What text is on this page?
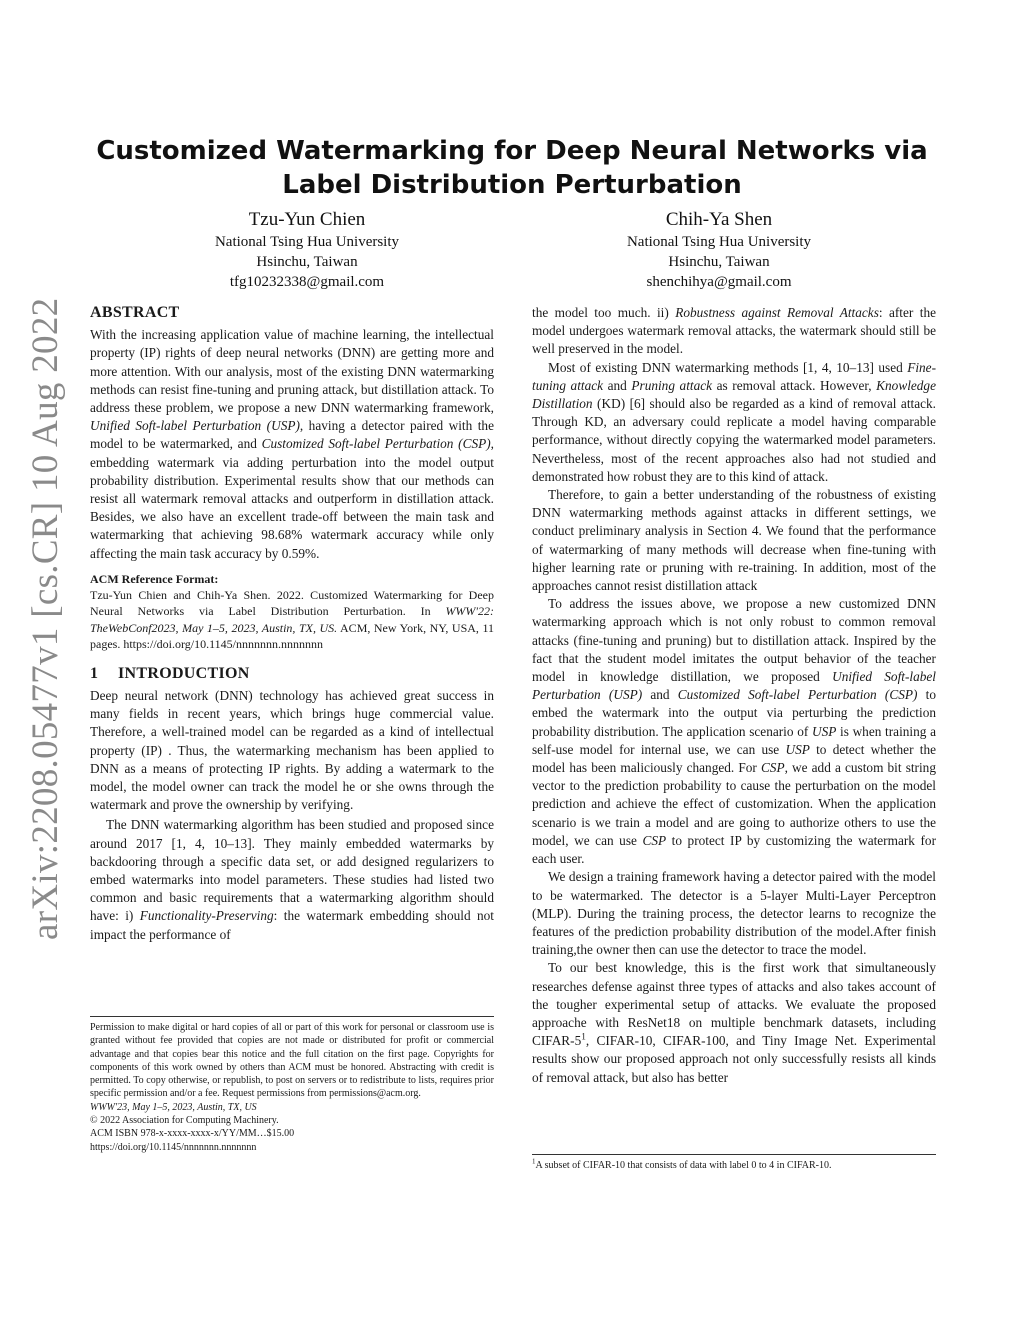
arXiv:2208.05477v1 [cs.CR] 10 Aug 2022
Customized Watermarking for Deep Neural Networks via Label Distribution Perturbation
Tzu-Yun Chien
National Tsing Hua University
Hsinchu, Taiwan
tfg10232338@gmail.com
Chih-Ya Shen
National Tsing Hua University
Hsinchu, Taiwan
shenchihya@gmail.com
ABSTRACT

With the increasing application value of machine learning, the intellectual property (IP) rights of deep neural networks (DNN) are getting more and more attention. With our analysis, most of the existing DNN watermarking methods can resist fine-tuning and pruning attack, but distillation attack. To address these problem, we propose a new DNN watermarking framework, Unified Soft-label Perturbation (USP), having a detector paired with the model to be watermarked, and Customized Soft-label Perturbation (CSP), embedding watermark via adding perturbation into the model output probability distribution. Experimental results show that our methods can resist all watermark removal attacks and outperform in distillation attack. Besides, we also have an excellent trade-off between the main task and watermarking that achieving 98.68% watermark accuracy while only affecting the main task accuracy by 0.59%.

ACM Reference Format:

Tzu-Yun Chien and Chih-Ya Shen. 2022. Customized Watermarking for Deep Neural Networks via Label Distribution Perturbation. In WWW'22: TheWebConf2023, May 1–5, 2023, Austin, TX, US. ACM, New York, NY, USA, 11 pages. https://doi.org/10.1145/nnnnnnn.nnnnnnn

1 INTRODUCTION

Deep neural network (DNN) technology has achieved great success in many fields in recent years, which brings huge commercial value. Therefore, a well-trained model can be regarded as a kind of intellectual property (IP) . Thus, the watermarking mechanism has been applied to DNN as a means of protecting IP rights. By adding a watermark to the model, the model owner can track the model he or she owns through the watermark and prove the ownership by verifying.

The DNN watermarking algorithm has been studied and proposed since around 2017 [1, 4, 10–13]. They mainly embedded watermarks by backdooring through a specific data set, or add designed regularizers to embed watermarks into model parameters. These studies had listed two common and basic requirements that a watermarking algorithm should have: i) Functionality-Preserving: the watermark embedding should not impact the performance of

the model too much. ii) Robustness against Removal Attacks: after the model undergoes watermark removal attacks, the watermark should still be well preserved in the model.

Most of existing DNN watermarking methods [1, 4, 10–13] used Fine-tuning attack and Pruning attack as removal attack. However, Knowledge Distillation (KD) [6] should also be regarded as a kind of removal attack. Through KD, an adversary could replicate a model having comparable performance, without directly copying the watermarked model parameters. Nevertheless, most of the recent approaches also had not studied and demonstrated how robust they are to this kind of attack.

Therefore, to gain a better understanding of the robustness of existing DNN watermarking methods against attacks in different settings, we conduct preliminary analysis in Section 4. We found that the performance of watermarking of many methods will decrease when fine-tuning with higher learning rate or pruning with re-training. In addition, most of the approaches cannot resist distillation attack

To address the issues above, we propose a new customized DNN watermarking approach which is not only robust to common removal attacks (fine-tuning and pruning) but to distillation attack. Inspired by the fact that the student model imitates the output behavior of the teacher model in knowledge distillation, we proposed Unified Soft-label Perturbation (USP) and Customized Soft-label Perturbation (CSP) to embed the watermark into the output via perturbing the prediction probability distribution. The application scenario of USP is when training a self-use model for internal use, we can use USP to detect whether the model has been maliciously changed. For CSP, we add a custom bit string vector to the prediction probability to cause the perturbation on the model prediction and achieve the effect of customization. When the application scenario is we train a model and are going to authorize others to use the model, we can use CSP to protect IP by customizing the watermark for each user.

We design a training framework having a detector paired with the model to be watermarked. The detector is a 5-layer Multi-Layer Perceptron (MLP). During the training process, the detector learns to recognize the features of the prediction probability distribution of the model.After finish training,the owner then can use the detector to trace the model.

To our best knowledge, this is the first work that simultaneously researches defense against three types of attacks and also takes account of the tougher experimental setup of attacks. We evaluate the proposed approache with ResNet18 on multiple benchmark datasets, including CIFAR-$5^1$, CIFAR-10, CIFAR-100, and Tiny Image Net. Experimental results show our proposed approach not only successfully resists all kinds of removal attack, but also has better

Permission to make digital or hard copies of all or part of this work for personal or classroom use is granted without fee provided that copies are not made or distributed for profit or commercial advantage and that copies bear this notice and the full citation on the first page. Copyrights for components of this work owned by others than ACM must be honored. Abstracting with credit is permitted. To copy otherwise, or republish, to post on servers or to redistribute to lists, requires prior specific permission and/or a fee. Request permissions from permissions@acm.org.

WWW'23, May 1–5, 2023, Austin, TX, US

© 2022 Association for Computing Machinery.

ACM ISBN 978-x-xxxx-xxxx-x/YY/MM…$15.00

https://doi.org/10.1145/nnnnnnn.nnnnnnn

$^1$A subset of CIFAR-10 that consists of data with label 0 to 4 in CIFAR-10.
